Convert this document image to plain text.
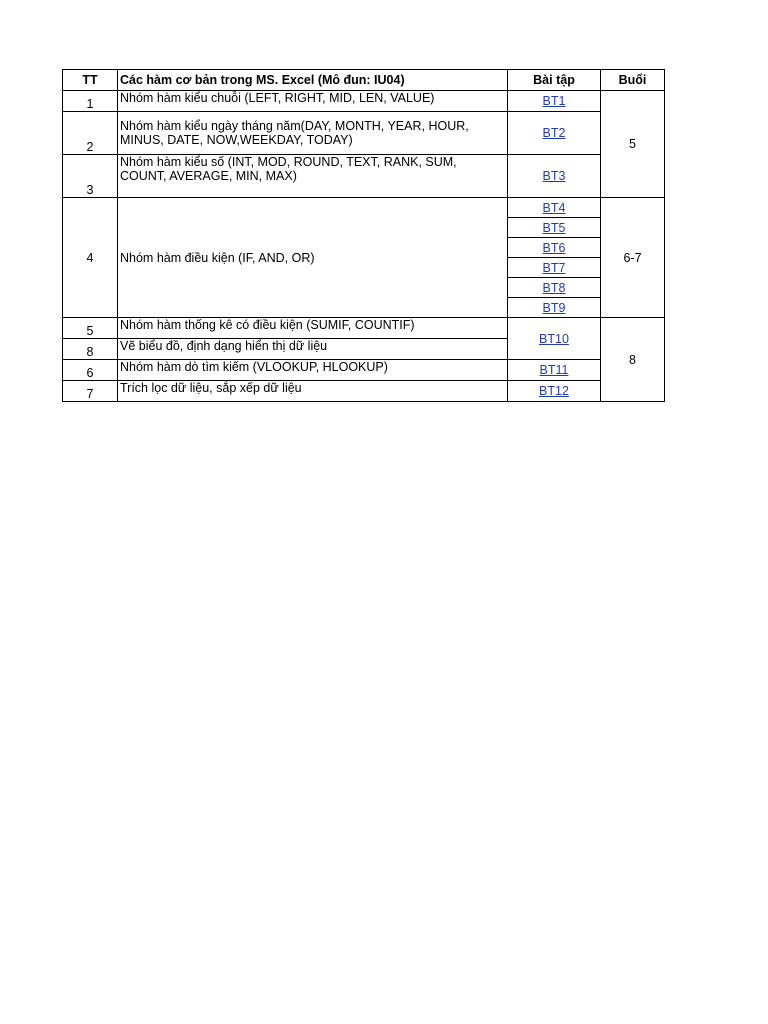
TT	Các hàm cơ bản trong MS. Excel (Mô đun: IU04)	Bài tập	Buổi
1	Nhóm hàm kiểu chuỗi (LEFT, RIGHT, MID, LEN, VALUE)	BT1	5
2	Nhóm hàm kiểu ngày tháng năm(DAY, MONTH, YEAR, HOUR,
MINUS, DATE, NOW,WEEKDAY, TODAY)	BT2	
3	Nhóm hàm kiểu số (INT, MOD, ROUND, TEXT, RANK, SUM,
COUNT, AVERAGE, MIN, MAX)	BT3	
4	Nhóm hàm điều kiện (IF, AND, OR)	BT4	6-7
		BT5	
		BT6	
		BT7	
		BT8	
		BT9	
5	Nhóm hàm thống kê có điều kiện (SUMIF, COUNTIF)	BT10	8
8	Vẽ biểu đồ, định dạng hiển thị dữ liệu		
6	Nhóm hàm dò tìm kiếm (VLOOKUP, HLOOKUP)	BT11	
7	Trích lọc dữ liệu, sắp xếp dữ liệu	BT12	
